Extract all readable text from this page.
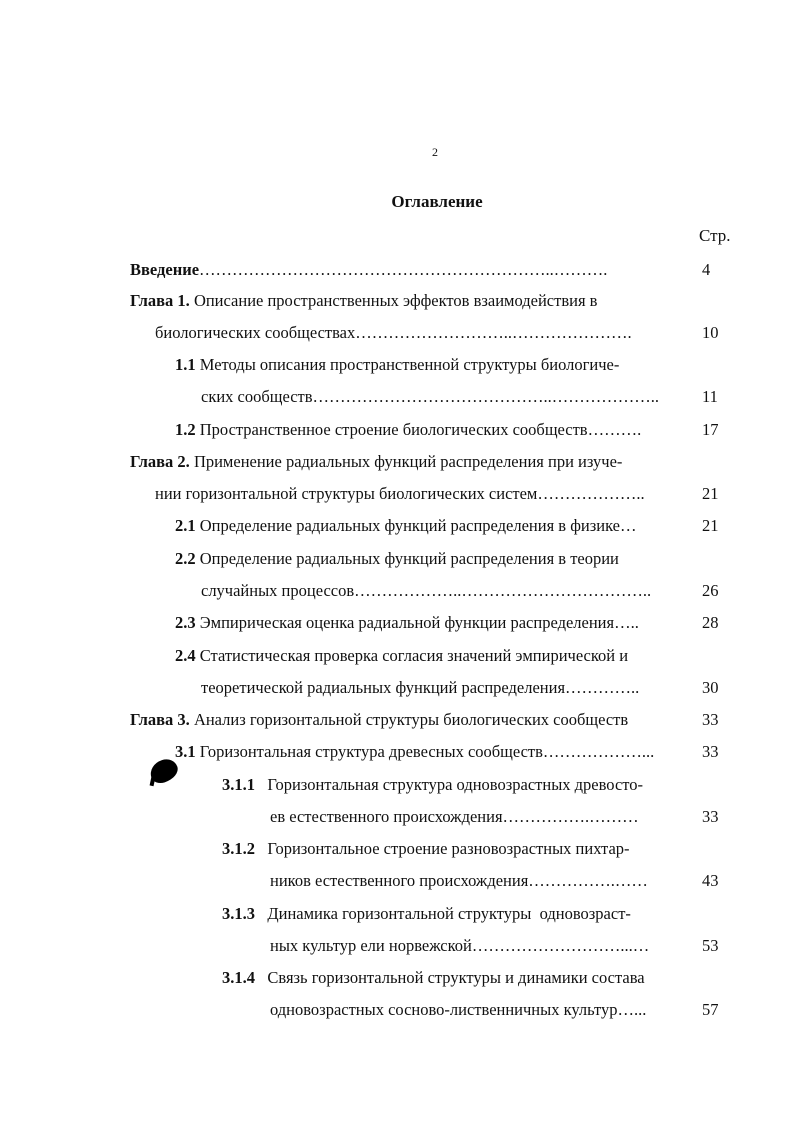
2
Оглавление
Стр.
Введение………………………………………………………..……….	4
Глава 1. Описание пространственных эффектов взаимодействия в
биологических сообществах………………………..………………….	10
1.1 Методы описания пространственной структуры биологиче-
ских сообществ……………………………………..………………..	11
1.2 Пространственное строение биологических сообществ……….	17
Глава 2. Применение радиальных функций распределения при изуче-
нии горизонтальной структуры биологических систем………………..	21
2.1 Определение радиальных функций распределения в физике…	21
2.2 Определение радиальных функций распределения в теории
случайных процессов………………..……………………………..	26
2.3 Эмпирическая оценка радиальной функции распределения…..	28
2.4 Статистическая проверка согласия значений эмпирической и
теоретической радиальных функций распределения…………..	30
Глава 3. Анализ горизонтальной структуры биологических сообществ	33
3.1 Горизонтальная структура древесных сообществ………………...	33
3.1.1   Горизонтальная структура одновозрастных древосто-
ев естественного происхождения…………….………	33
3.1.2   Горизонтальное строение разновозрастных пихтар-
ников естественного происхождения…………….……	43
3.1.3   Динамика горизонтальной структуры  одновозраст-
ных культур ели норвежской………………………...…	53
3.1.4   Связь горизонтальной структуры и динамики состава
одновозрастных сосново-лиственничных культур…...	57
